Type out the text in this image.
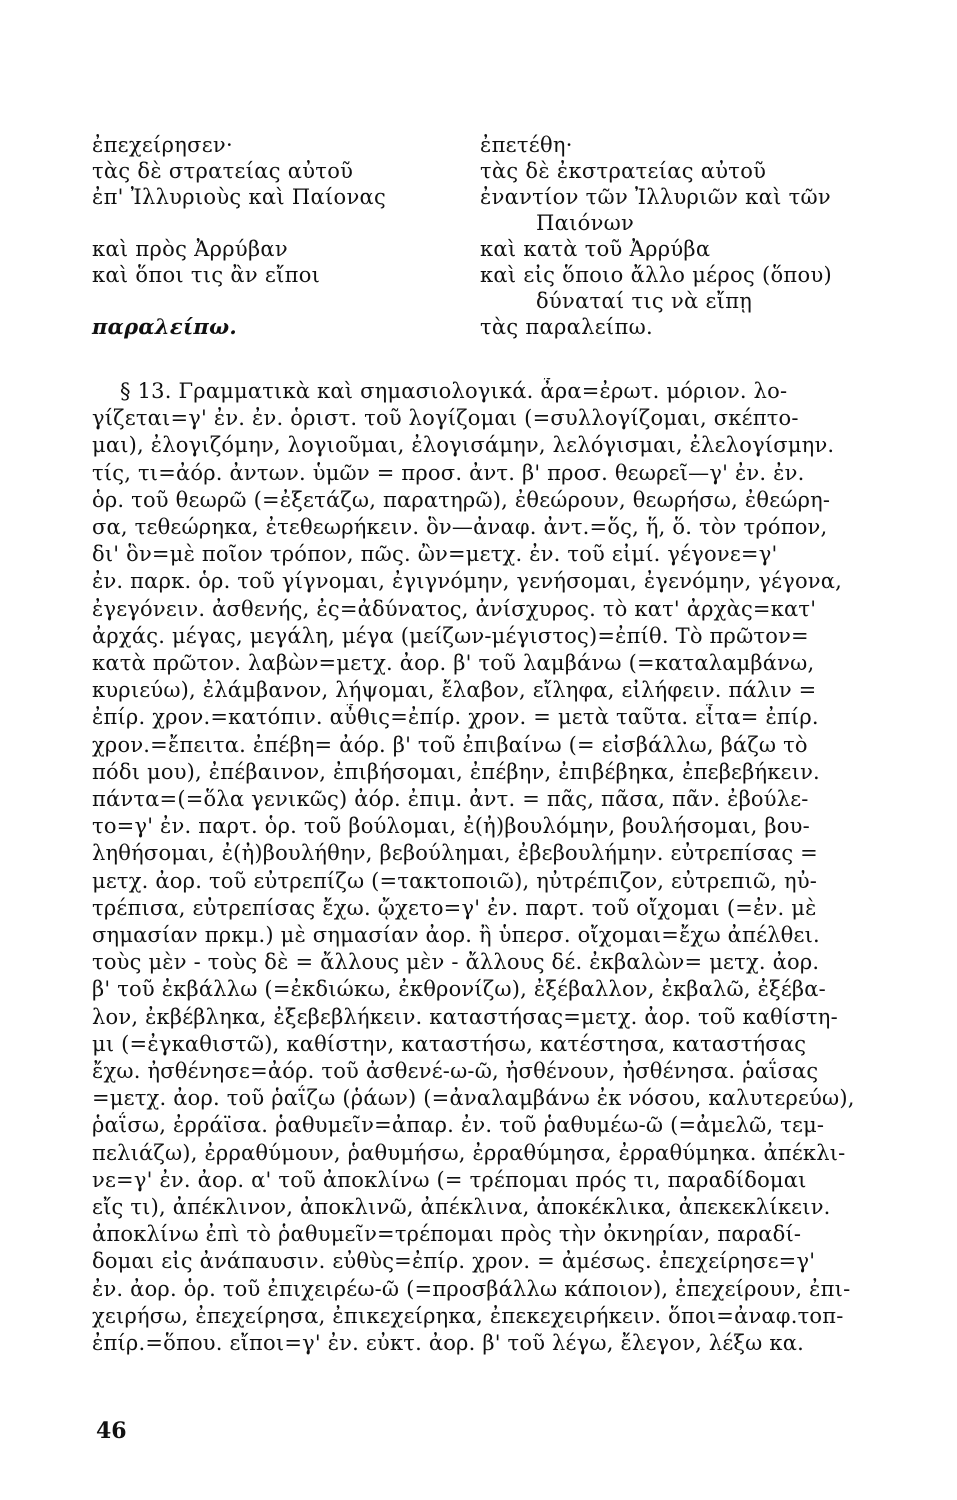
ἐπεχείρησεν·
τὰς δὲ στρατείας αὐτοῦ
ἐπ' Ἰλλυριοὺς καὶ Παίονας
καὶ πρὸς Ἀρρύβαν
καὶ ὅποι τις ἂν εἴποι
παραλείπω.
ἐπετέθη·
τὰς δὲ ἐκστρατείας αὐτοῦ
ἐναντίον τῶν Ἰλλυριῶν καὶ τῶν
Παιόνων
καὶ κατὰ τοῦ Ἀρρύβα
καὶ εἰς ὅποιο ἄλλο μέρος (ὅπου)
δύναταί τις νὰ εἴπῃ
τὰς παραλείπω.
§ 13. Γραμματικὰ καὶ σημασιολογικά. ἆρα=ἐρωτ. μόριον. λο-
γίζεται=γ' ἐν. ἐν. ὁριστ. τοῦ λογίζομαι (=συλλογίζομαι, σκέπτο-
μαι), ἐλογιζόμην, λογιοῦμαι, ἐλογισάμην, λελόγισμαι, ἐλελογίσμην.
τίς, τι=ἀόρ. ἀντων. ὑμῶν = προσ. ἀντ. β' προσ. θεωρεῖ—γ' ἐν. ἐν.
ὁρ. τοῦ θεωρῶ (=ἐξετάζω, παρατηρῶ), ἐθεώρουν, θεωρήσω, ἐθεώρη-
σα, τεθεώρηκα, ἐτεθεωρήκειν. ὃν—ἀναφ. ἀντ.=ὅς, ἥ, ὅ. τὸν τρόπον,
δι' ὃν=μὲ ποῖον τρόπον, πῶς. ὢν=μετχ. ἐν. τοῦ εἰμί. γέγονε=γ'
ἐν. παρκ. ὁρ. τοῦ γίγνομαι, ἐγιγνόμην, γενήσομαι, ἐγενόμην, γέγονα,
ἐγεγόνειν. ἀσθενής, ἐς=ἀδύνατος, ἀνίσχυρος. τὸ κατ' ἀρχὰς=κατ'
ἀρχάς. μέγας, μεγάλη, μέγα (μείζων-μέγιστος)=ἐπίθ. Τὸ πρῶτον=
κατὰ πρῶτον. λαβὼν=μετχ. ἀορ. β' τοῦ λαμβάνω (=καταλαμβάνω,
κυριεύω), ἐλάμβανον, λήψομαι, ἔλαβον, εἴληφα, εἰλήφειν. πάλιν =
ἐπίρ. χρον.=κατόπιν. αὖθις=ἐπίρ. χρον. = μετὰ ταῦτα. εἶτα= ἐπίρ.
χρον.=ἔπειτα. ἐπέβη= ἀόρ. β' τοῦ ἐπιβαίνω (= εἰσβάλλω, βάζω τὸ
πόδι μου), ἐπέβαινον, ἐπιβήσομαι, ἐπέβην, ἐπιβέβηκα, ἐπεβεβήκειν.
πάντα=(=ὅλα γενικῶς) ἀόρ. ἐπιμ. ἀντ. = πᾶς, πᾶσα, πᾶν. ἐβούλε-
το=γ' ἐν. παρτ. ὁρ. τοῦ βούλομαι, ἐ(ἠ)βουλόμην, βουλήσομαι, βου-
ληθήσομαι, ἐ(ἠ)βουλήθην, βεβούλημαι, ἐβεβουλήμην. εὐτρεπίσας =
μετχ. ἀορ. τοῦ εὐτρεπίζω (=τακτοποιῶ), ηὐτρέπιζον, εὐτρεπιῶ, ηὐ-
τρέπισα, εὐτρεπίσας ἔχω. ᾤχετο=γ' ἐν. παρτ. τοῦ οἴχομαι (=ἐν. μὲ
σημασίαν πρκμ.) μὲ σημασίαν ἀορ. ἢ ὑπερσ. οἴχομαι=ἔχω ἀπέλθει.
τοὺς μὲν - τοὺς δὲ = ἄλλους μὲν - ἄλλους δέ. ἐκβαλὼν= μετχ. ἀορ.
β' τοῦ ἐκβάλλω (=ἐκδιώκω, ἐκθρονίζω), ἐξέβαλλον, ἐκβαλῶ, ἐξέβα-
λον, ἐκβέβληκα, ἐξεβεβλήκειν. καταστήσας=μετχ. ἀορ. τοῦ καθίστη-
μι (=ἐγκαθιστῶ), καθίστην, καταστήσω, κατέστησα, καταστήσας
ἔχω. ἠσθένησε=ἀόρ. τοῦ ἀσθενέ-ω-ῶ, ἠσθένουν, ἠσθένησα. ῥαΐσας
=μετχ. ἀορ. τοῦ ῥαΐζω (ῥάων) (=ἀναλαμβάνω ἐκ νόσου, καλυτερεύω),
ῥαΐσω, ἐρράϊσα. ῥαθυμεῖν=ἀπαρ. ἐν. τοῦ ῥαθυμέω-ῶ (=ἀμελῶ, τεμ-
πελιάζω), ἐρραθύμουν, ῥαθυμήσω, ἐρραθύμησα, ἐρραθύμηκα. ἀπέκλι-
νε=γ' ἐν. ἀορ. α' τοῦ ἀποκλίνω (= τρέπομαι πρός τι, παραδίδομαι
εἴς τι), ἀπέκλινον, ἀποκλινῶ, ἀπέκλινα, ἀποκέκλικα, ἀπεκεκλίκειν.
ἀποκλίνω ἐπὶ τὸ ῥαθυμεῖν=τρέπομαι πρὸς τὴν ὀκνηρίαν, παραδί-
δομαι εἰς ἀνάπαυσιν. εὐθὺς=ἐπίρ. χρον. = ἀμέσως. ἐπεχείρησε=γ'
ἐν. ἀορ. ὁρ. τοῦ ἐπιχειρέω-ῶ (=προσβάλλω κάποιον), ἐπεχείρουν, ἐπι-
χειρήσω, ἐπεχείρησα, ἐπικεχείρηκα, ἐπεκεχειρήκειν. ὅποι=ἀναφ.τοπ-
ἐπίρ.=ὅπου. εἴποι=γ' ἐν. εὐκτ. ἀορ. β' τοῦ λέγω, ἔλεγον, λέξω κα.
46
